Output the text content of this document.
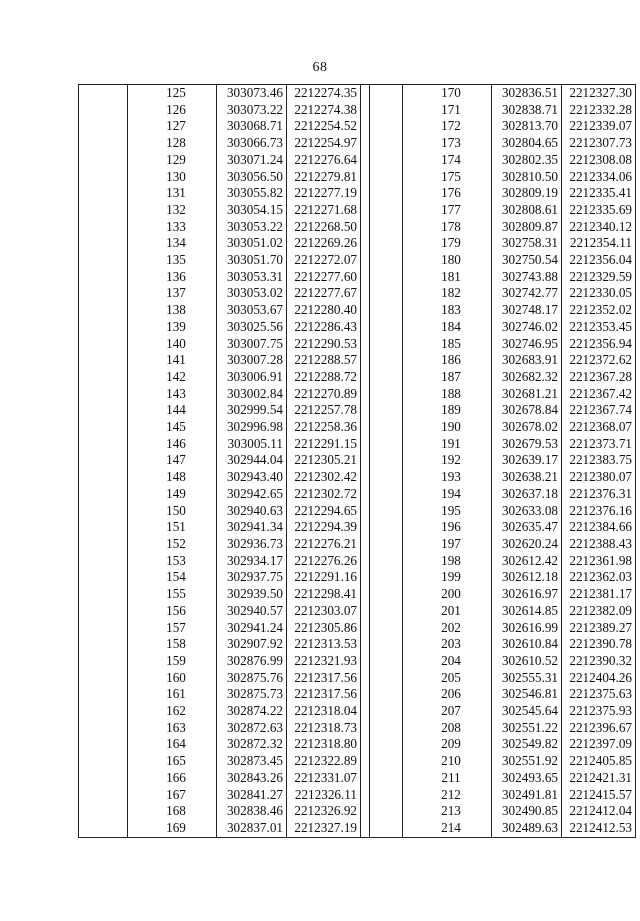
68
	125	303073.46	2212274.35			170	302836.51	2212327.30
	126	303073.22	2212274.38			171	302838.71	2212332.28
	127	303068.71	2212254.52			172	302813.70	2212339.07
	128	303066.73	2212254.97			173	302804.65	2212307.73
	129	303071.24	2212276.64			174	302802.35	2212308.08
	130	303056.50	2212279.81			175	302810.50	2212334.06
	131	303055.82	2212277.19			176	302809.19	2212335.41
	132	303054.15	2212271.68			177	302808.61	2212335.69
	133	303053.22	2212268.50			178	302809.87	2212340.12
	134	303051.02	2212269.26			179	302758.31	2212354.11
	135	303051.70	2212272.07			180	302750.54	2212356.04
	136	303053.31	2212277.60			181	302743.88	2212329.59
	137	303053.02	2212277.67			182	302742.77	2212330.05
	138	303053.67	2212280.40			183	302748.17	2212352.02
	139	303025.56	2212286.43			184	302746.02	2212353.45
	140	303007.75	2212290.53			185	302746.95	2212356.94
	141	303007.28	2212288.57			186	302683.91	2212372.62
	142	303006.91	2212288.72			187	302682.32	2212367.28
	143	303002.84	2212270.89			188	302681.21	2212367.42
	144	302999.54	2212257.78			189	302678.84	2212367.74
	145	302996.98	2212258.36			190	302678.02	2212368.07
	146	303005.11	2212291.15			191	302679.53	2212373.71
	147	302944.04	2212305.21			192	302639.17	2212383.75
	148	302943.40	2212302.42			193	302638.21	2212380.07
	149	302942.65	2212302.72			194	302637.18	2212376.31
	150	302940.63	2212294.65			195	302633.08	2212376.16
	151	302941.34	2212294.39			196	302635.47	2212384.66
	152	302936.73	2212276.21			197	302620.24	2212388.43
	153	302934.17	2212276.26			198	302612.42	2212361.98
	154	302937.75	2212291.16			199	302612.18	2212362.03
	155	302939.50	2212298.41			200	302616.97	2212381.17
	156	302940.57	2212303.07			201	302614.85	2212382.09
	157	302941.24	2212305.86			202	302616.99	2212389.27
	158	302907.92	2212313.53			203	302610.84	2212390.78
	159	302876.99	2212321.93			204	302610.52	2212390.32
	160	302875.76	2212317.56			205	302555.31	2212404.26
	161	302875.73	2212317.56			206	302546.81	2212375.63
	162	302874.22	2212318.04			207	302545.64	2212375.93
	163	302872.63	2212318.73			208	302551.22	2212396.67
	164	302872.32	2212318.80			209	302549.82	2212397.09
	165	302873.45	2212322.89			210	302551.92	2212405.85
	166	302843.26	2212331.07			211	302493.65	2212421.31
	167	302841.27	2212326.11			212	302491.81	2212415.57
	168	302838.46	2212326.92			213	302490.85	2212412.04
	169	302837.01	2212327.19			214	302489.63	2212412.53
